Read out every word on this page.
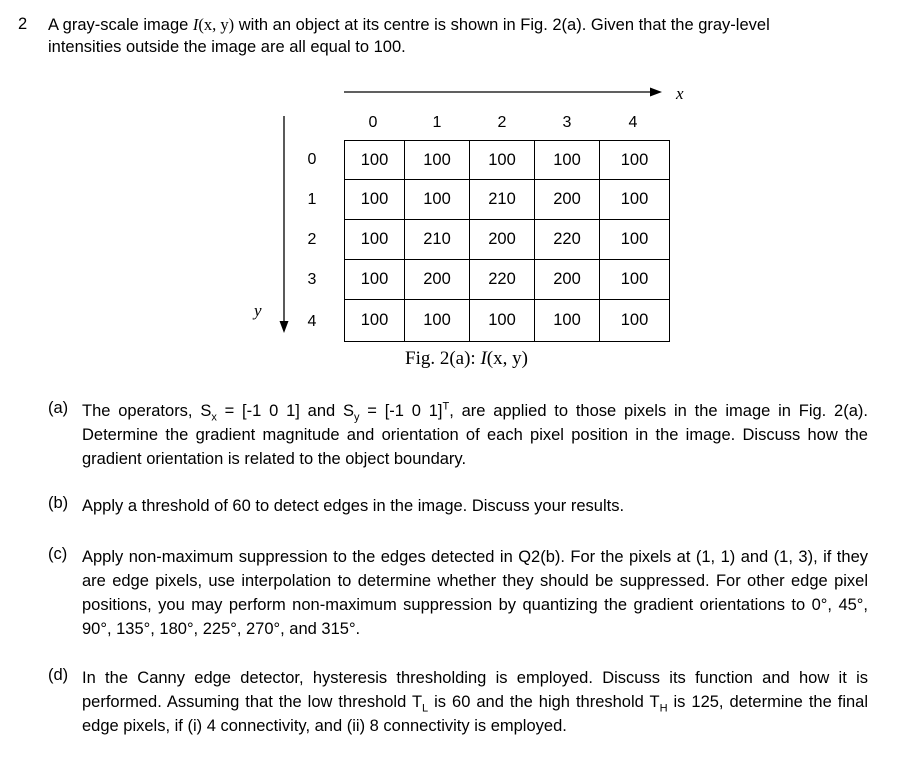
2 A gray-scale image I(x, y) with an object at its centre is shown in Fig. 2(a). Given that the gray-level
intensities outside the image are all equal to 100.
x
y
0	1	2	3	4
0
1
2
3
4
100	100	100	100	100
100	100	210	200	100
100	210	200	220	100
100	200	220	200	100
100	100	100	100	100
Fig. 2(a): I(x, y)
(a) The operators, $S_x = [-1$ 0 1] and $S_y = [-1$ 0 1]$^T$, are applied to those pixels in the image in Fig. 2(a). Determine the gradient magnitude and orientation of each pixel position in the image. Discuss how the gradient orientation is related to the object boundary.
(b) Apply a threshold of 60 to detect edges in the image. Discuss your results.
(c) Apply non-maximum suppression to the edges detected in Q2(b). For the pixels at (1, 1) and (1, 3), if they are edge pixels, use interpolation to determine whether they should be suppressed. For other edge pixel positions, you may perform non-maximum suppression by quantizing the gradient orientations to 0°, 45°, 90°, 135°, 180°, 225°, 270°, and 315°.
(d) In the Canny edge detector, hysteresis thresholding is employed. Discuss its function and how it is performed. Assuming that the low threshold $T_L$ is 60 and the high threshold $T_H$ is 125, determine the final edge pixels, if (i) 4 connectivity, and (ii) 8 connectivity is employed.
